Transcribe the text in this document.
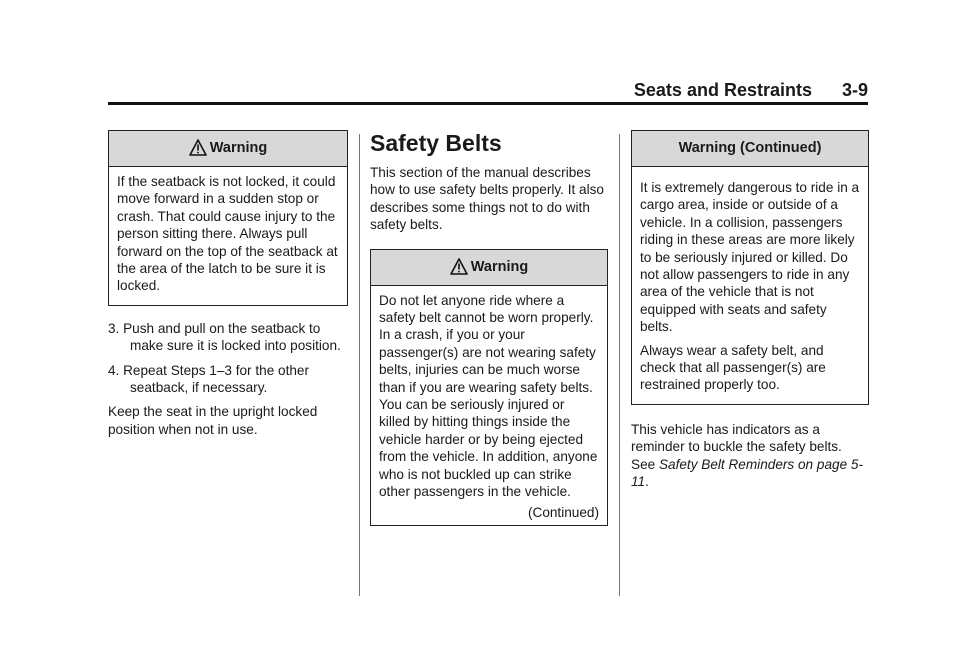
Seats and Restraints 3-9
Warning

If the seatback is not locked, it could move forward in a sudden stop or crash. That could cause injury to the person sitting there. Always pull forward on the top of the seatback at the area of the latch to be sure it is locked.

3. Push and pull on the seatback to make sure it is locked into position.

4. Repeat Steps 1–3 for the other seatback, if necessary.

Keep the seat in the upright locked position when not in use.

Safety Belts

This section of the manual describes how to use safety belts properly. It also describes some things not to do with safety belts.

Warning

Do not let anyone ride where a safety belt cannot be worn properly. In a crash, if you or your passenger(s) are not wearing safety belts, injuries can be much worse than if you are wearing safety belts. You can be seriously injured or killed by hitting things inside the vehicle harder or by being ejected from the vehicle. In addition, anyone who is not buckled up can strike other passengers in the vehicle.

(Continued)
Warning (Continued)

It is extremely dangerous to ride in a cargo area, inside or outside of a vehicle. In a collision, passengers riding in these areas are more likely to be seriously injured or killed. Do not allow passengers to ride in any area of the vehicle that is not equipped with seats and safety belts.

Always wear a safety belt, and check that all passenger(s) are restrained properly too.

This vehicle has indicators as a reminder to buckle the safety belts. See Safety Belt Reminders on page 5-11.
